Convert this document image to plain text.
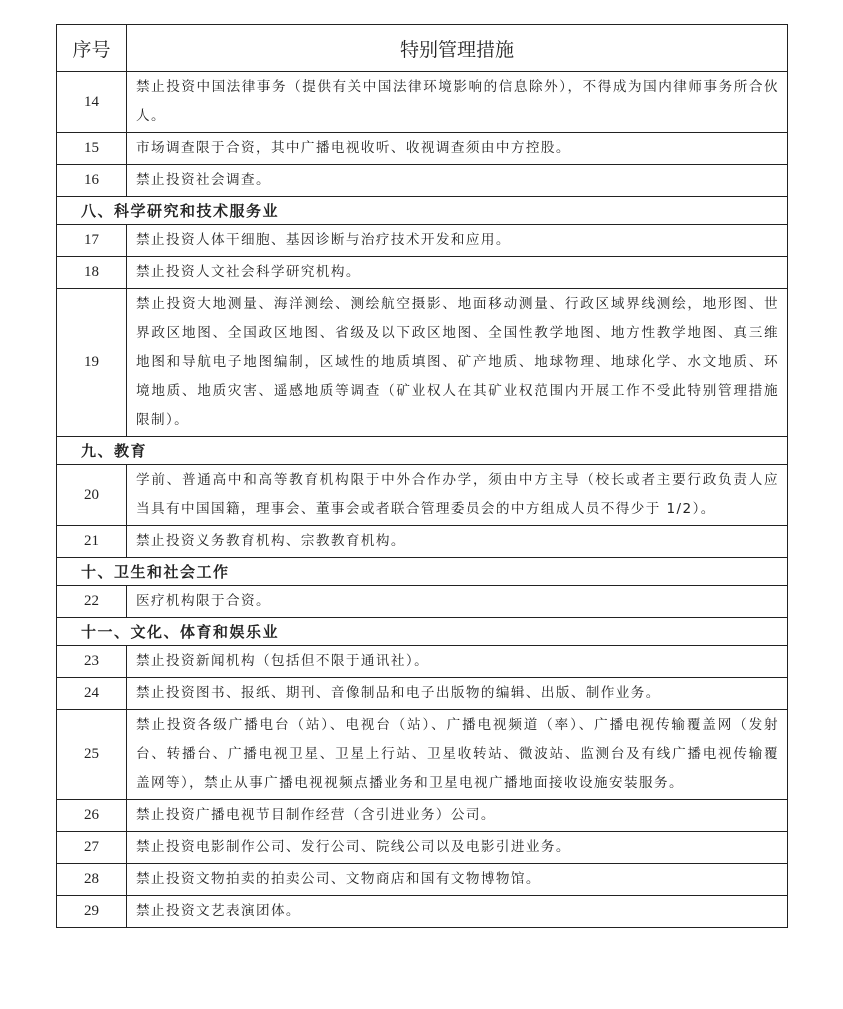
序号	特别管理措施
14	禁止投资中国法律事务（提供有关中国法律环境影响的信息除外），不得成为国内律师事务所合伙人。
15	市场调查限于合资，其中广播电视收听、收视调查须由中方控股。
16	禁止投资社会调查。
八、科学研究和技术服务业	
17	禁止投资人体干细胞、基因诊断与治疗技术开发和应用。
18	禁止投资人文社会科学研究机构。
19	禁止投资大地测量、海洋测绘、测绘航空摄影、地面移动测量、行政区域界线测绘，地形图、世界政区地图、全国政区地图、省级及以下政区地图、全国性教学地图、地方性教学地图、真三维地图和导航电子地图编制，区域性的地质填图、矿产地质、地球物理、地球化学、水文地质、环境地质、地质灾害、遥感地质等调查（矿业权人在其矿业权范围内开展工作不受此特别管理措施限制）。
九、教育	
20	学前、普通高中和高等教育机构限于中外合作办学，须由中方主导（校长或者主要行政负责人应当具有中国国籍，理事会、董事会或者联合管理委员会的中方组成人员不得少于 1/2）。
21	禁止投资义务教育机构、宗教教育机构。
十、卫生和社会工作	
22	医疗机构限于合资。
十一、文化、体育和娱乐业	
23	禁止投资新闻机构（包括但不限于通讯社）。
24	禁止投资图书、报纸、期刊、音像制品和电子出版物的编辑、出版、制作业务。
25	禁止投资各级广播电台（站）、电视台（站）、广播电视频道（率）、广播电视传输覆盖网（发射台、转播台、广播电视卫星、卫星上行站、卫星收转站、微波站、监测台及有线广播电视传输覆盖网等），禁止从事广播电视视频点播业务和卫星电视广播地面接收设施安装服务。
26	禁止投资广播电视节目制作经营（含引进业务）公司。
27	禁止投资电影制作公司、发行公司、院线公司以及电影引进业务。
28	禁止投资文物拍卖的拍卖公司、文物商店和国有文物博物馆。
29	禁止投资文艺表演团体。
